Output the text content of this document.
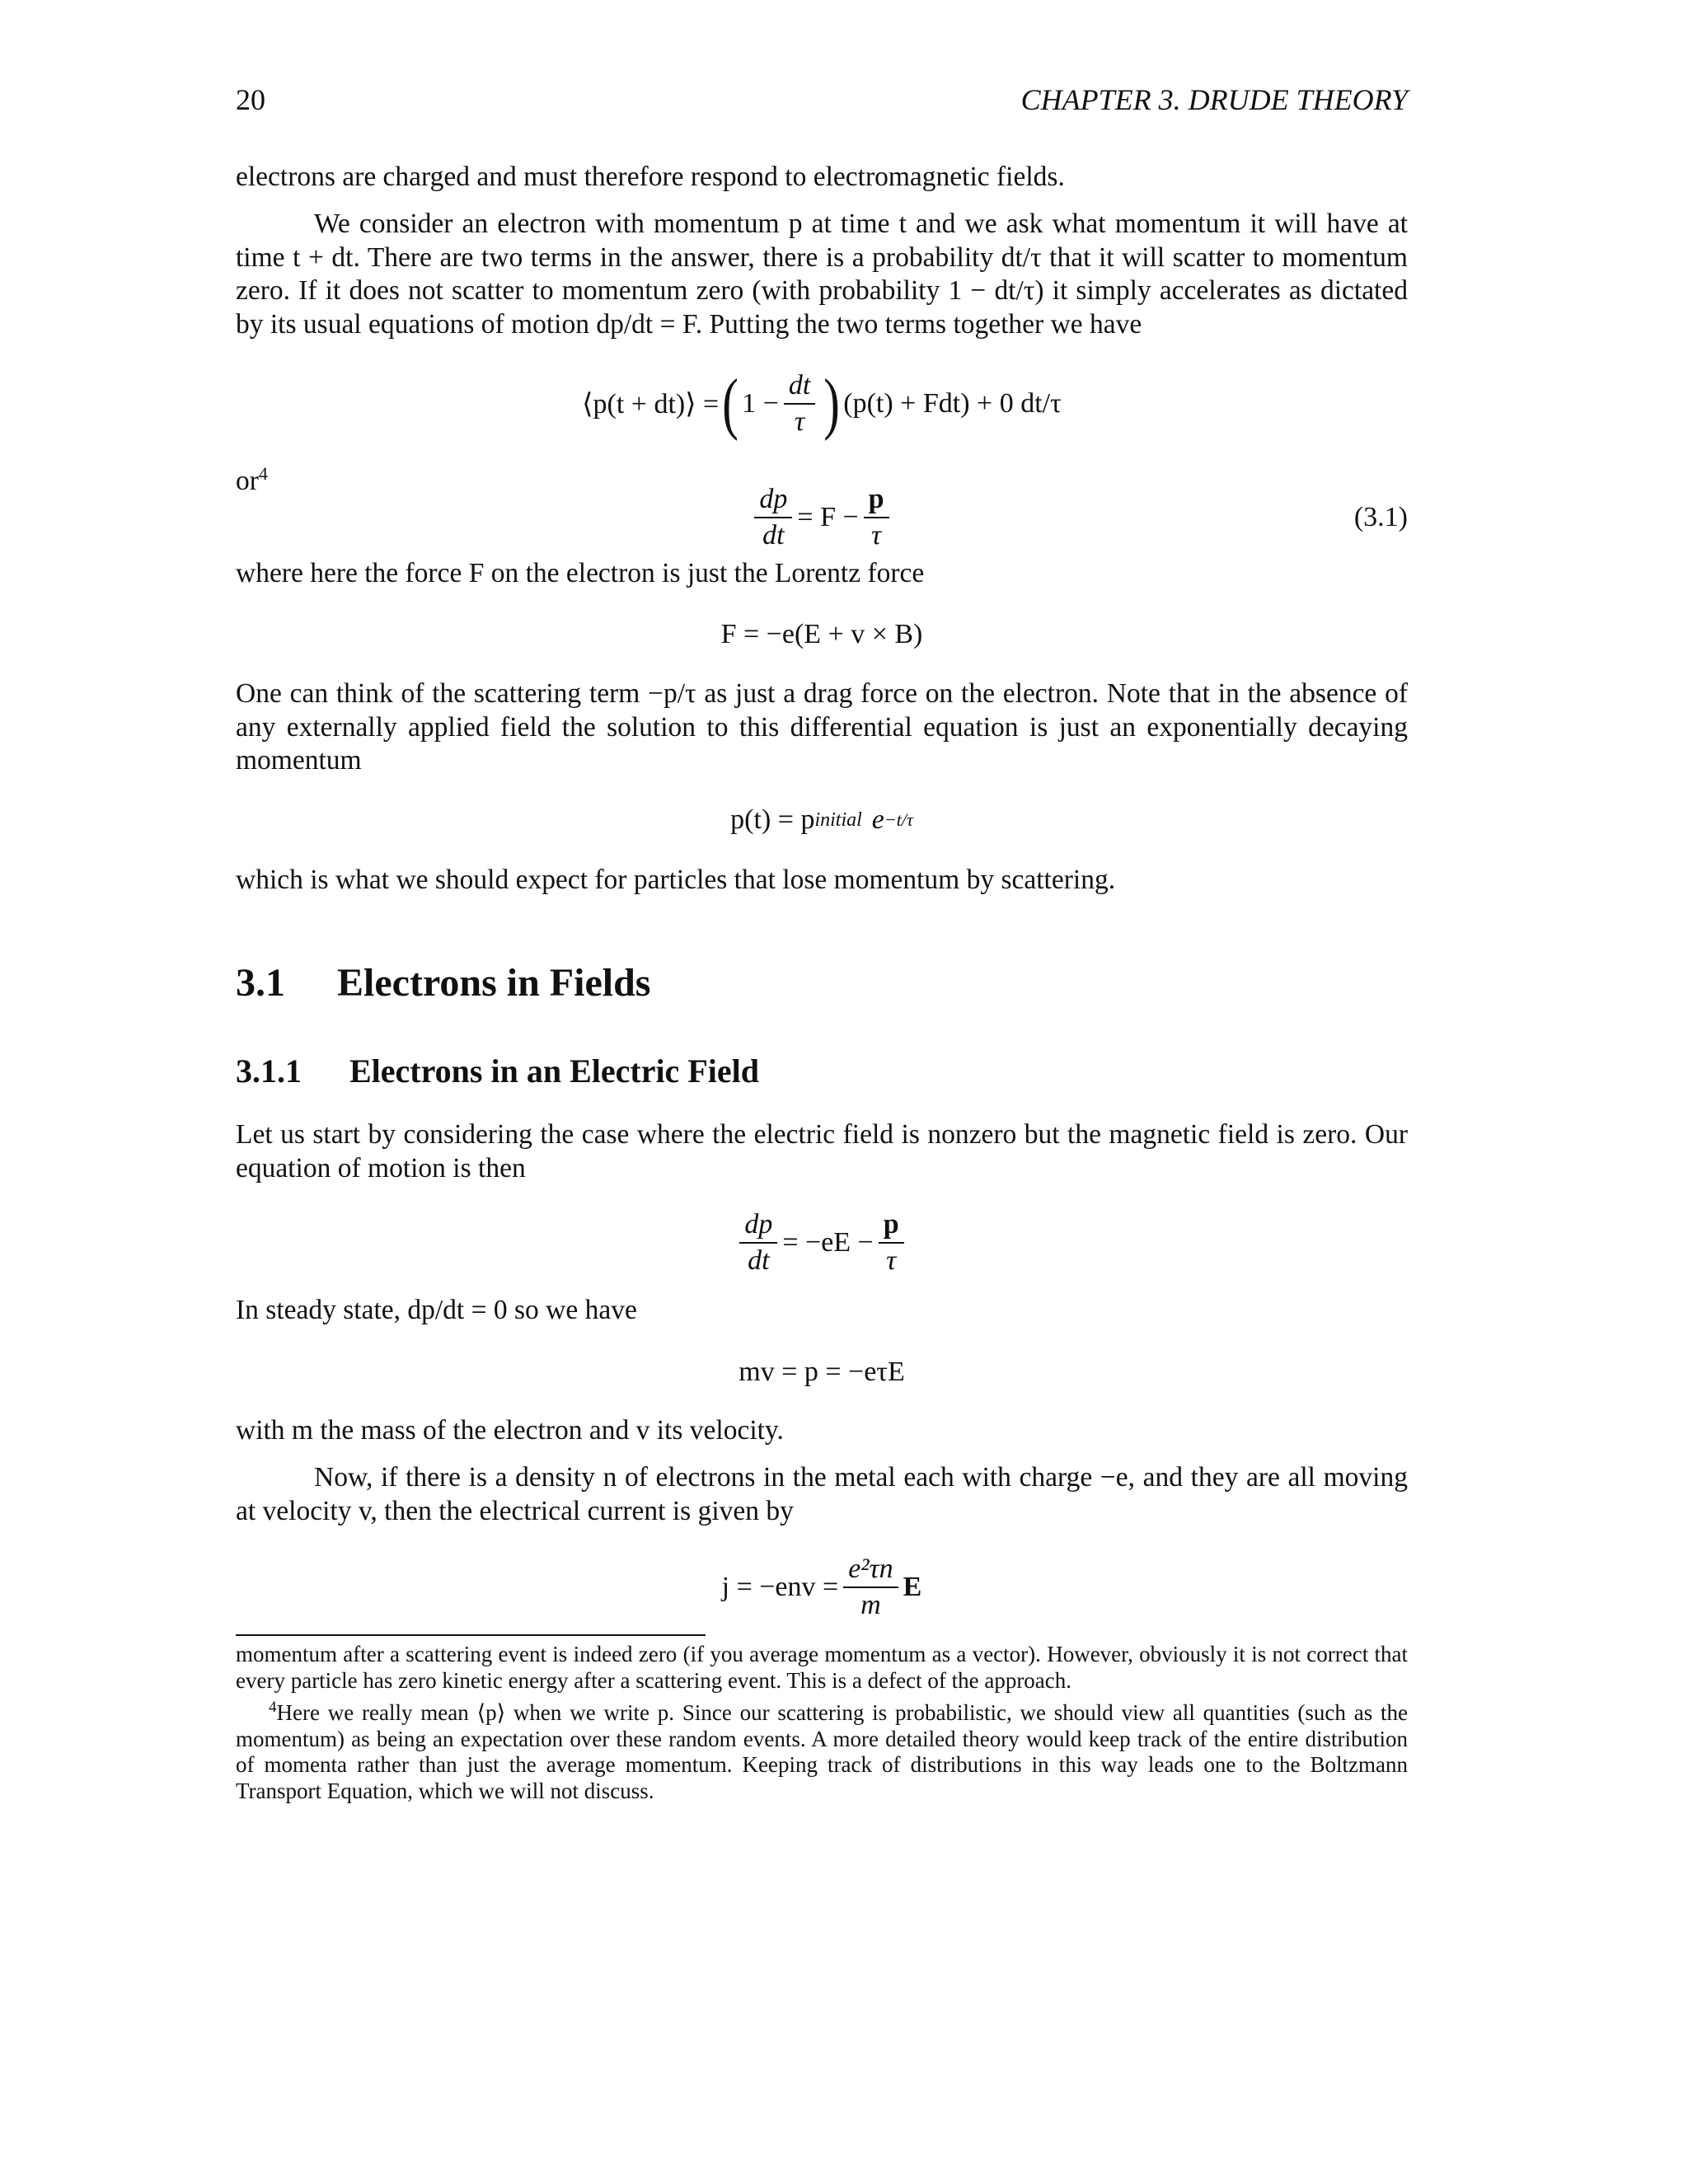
20	CHAPTER 3. DRUDE THEORY

electrons are charged and must therefore respond to electromagnetic fields.

We consider an electron with momentum p at time t and we ask what momentum it will have at time t + dt. There are two terms in the answer, there is a probability dt/τ that it will scatter to momentum zero. If it does not scatter to momentum zero (with probability 1 − dt/τ) it simply accelerates as dictated by its usual equations of motion dp/dt = F. Putting the two terms together we have

⟨p(t + dt)⟩ = ( $1 - \frac{dt}{\tau}$ ) (p(t) + Fdt) + 0 dt/τ

$or^4$

$\frac{dp}{dt} = F - \frac{p}{\tau}$	(3.1)

where here the force F on the electron is just the Lorentz force

F = −e(E + v × B)

One can think of the scattering term −p/τ as just a drag force on the electron. Note that in the absence of any externally applied field the solution to this differential equation is just an exponentially decaying momentum

p(t) = p initial e −t/τ

which is what we should expect for particles that lose momentum by scattering.

3.1 Electrons in Fields
3.1.1 Electrons in an Electric Field

Let us start by considering the case where the electric field is nonzero but the magnetic field is zero. Our equation of motion is then

$\frac{dp}{dt} = -eE - \frac{p}{\tau}$

In steady state, dp/dt = 0 so we have

mv = p = −eτE

with m the mass of the electron and v its velocity.

Now, if there is a density n of electrons in the metal each with charge −e, and they are all moving at velocity v, then the electrical current is given by

$j = -env = \frac{\text{e²τn}}{m}$ E

momentum after a scattering event is indeed zero (if you average momentum as a vector). However, obviously it is not correct that every particle has zero kinetic energy after a scattering event. This is a defect of the approach.

$^4$Here we really mean ⟨p⟩ when we write p. Since our scattering is probabilistic, we should view all quantities (such as the momentum) as being an expectation over these random events. A more detailed theory would keep track of the entire distribution of momenta rather than just the average momentum. Keeping track of distributions in this way leads one to the Boltzmann Transport Equation, which we will not discuss.
